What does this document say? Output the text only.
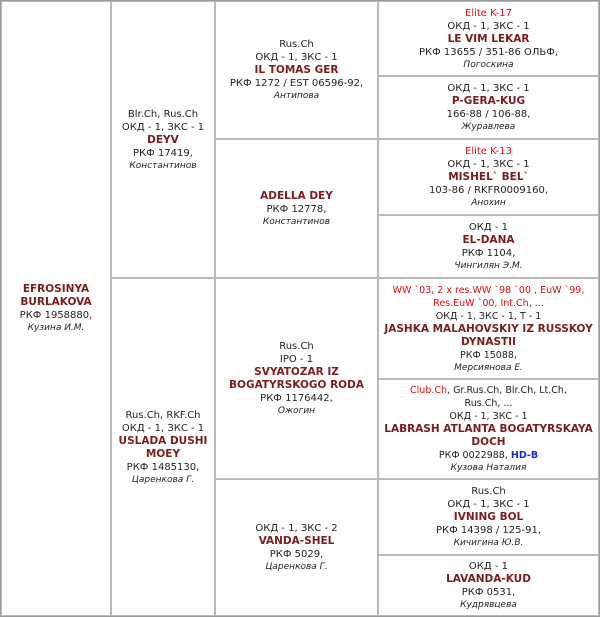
EFROSINYA BURLAKOVA
РКФ 1958880,
Кузина И.М.
Blr.Ch, Rus.Ch
ОКД - 1, ЗКС - 1
DEYV
РКФ 17419,
Константинов
Rus.Ch, RKF.Ch
ОКД - 1, ЗКС - 1
USLADA DUSHI MOEY
РКФ 1485130,
Царенкова Г.
Rus.Ch
ОКД - 1, ЗКС - 1
IL TOMAS GER
РКФ 1272 / EST 06596-92,
Антипова
ADELLA DEY
РКФ 12778,
Константинов
Rus.Ch
IPO - 1
SVYATOZAR IZ BOGATYRSKOGO RODA
РКФ 1176442,
Ожогин
ОКД - 1, ЗКС - 2
VANDA-SHEL
РКФ 5029,
Царенкова Г.
Elite K-17
ОКД - 1, ЗКС - 1
LE VIM LEKAR
РКФ 13655 / 351-86 ОЛЬФ,
Погоскина
ОКД - 1, ЗКС - 1
P-GERA-KUG
166-88 / 106-88,
Журавлева
Elite K-13
ОКД - 1, ЗКС - 1
MISHEL` BEL`
103-86 / RKFR0009160,
Анохин
ОКД - 1
EL-DANA
РКФ 1104,
Чингилян Э.М.
WW `03, 2 x res.WW `98 `00 , EuW `99,
Res.EuW `00, Int.Ch, ...
ОКД - 1, ЗКС - 1, Т - 1
JASHKA MALAHOVSKIY IZ RUSSKOY DYNASTII
РКФ 15088,
Мерсиянова Е.
Club.Ch, Gr.Rus.Ch, Blr.Ch, Lt.Ch,
Rus.Ch, ...
ОКД - 1, ЗКС - 1
LABRASH ATLANTA BOGATYRSKAYA DOCH
РКФ 0022988, HD-B
Кузова Наталия
Rus.Ch
ОКД - 1, ЗКС - 1
IVNING BOL
РКФ 14398 / 125-91,
Кичигина Ю.В.
ОКД - 1
LAVANDA-KUD
РКФ 0531,
Кудрявцева
